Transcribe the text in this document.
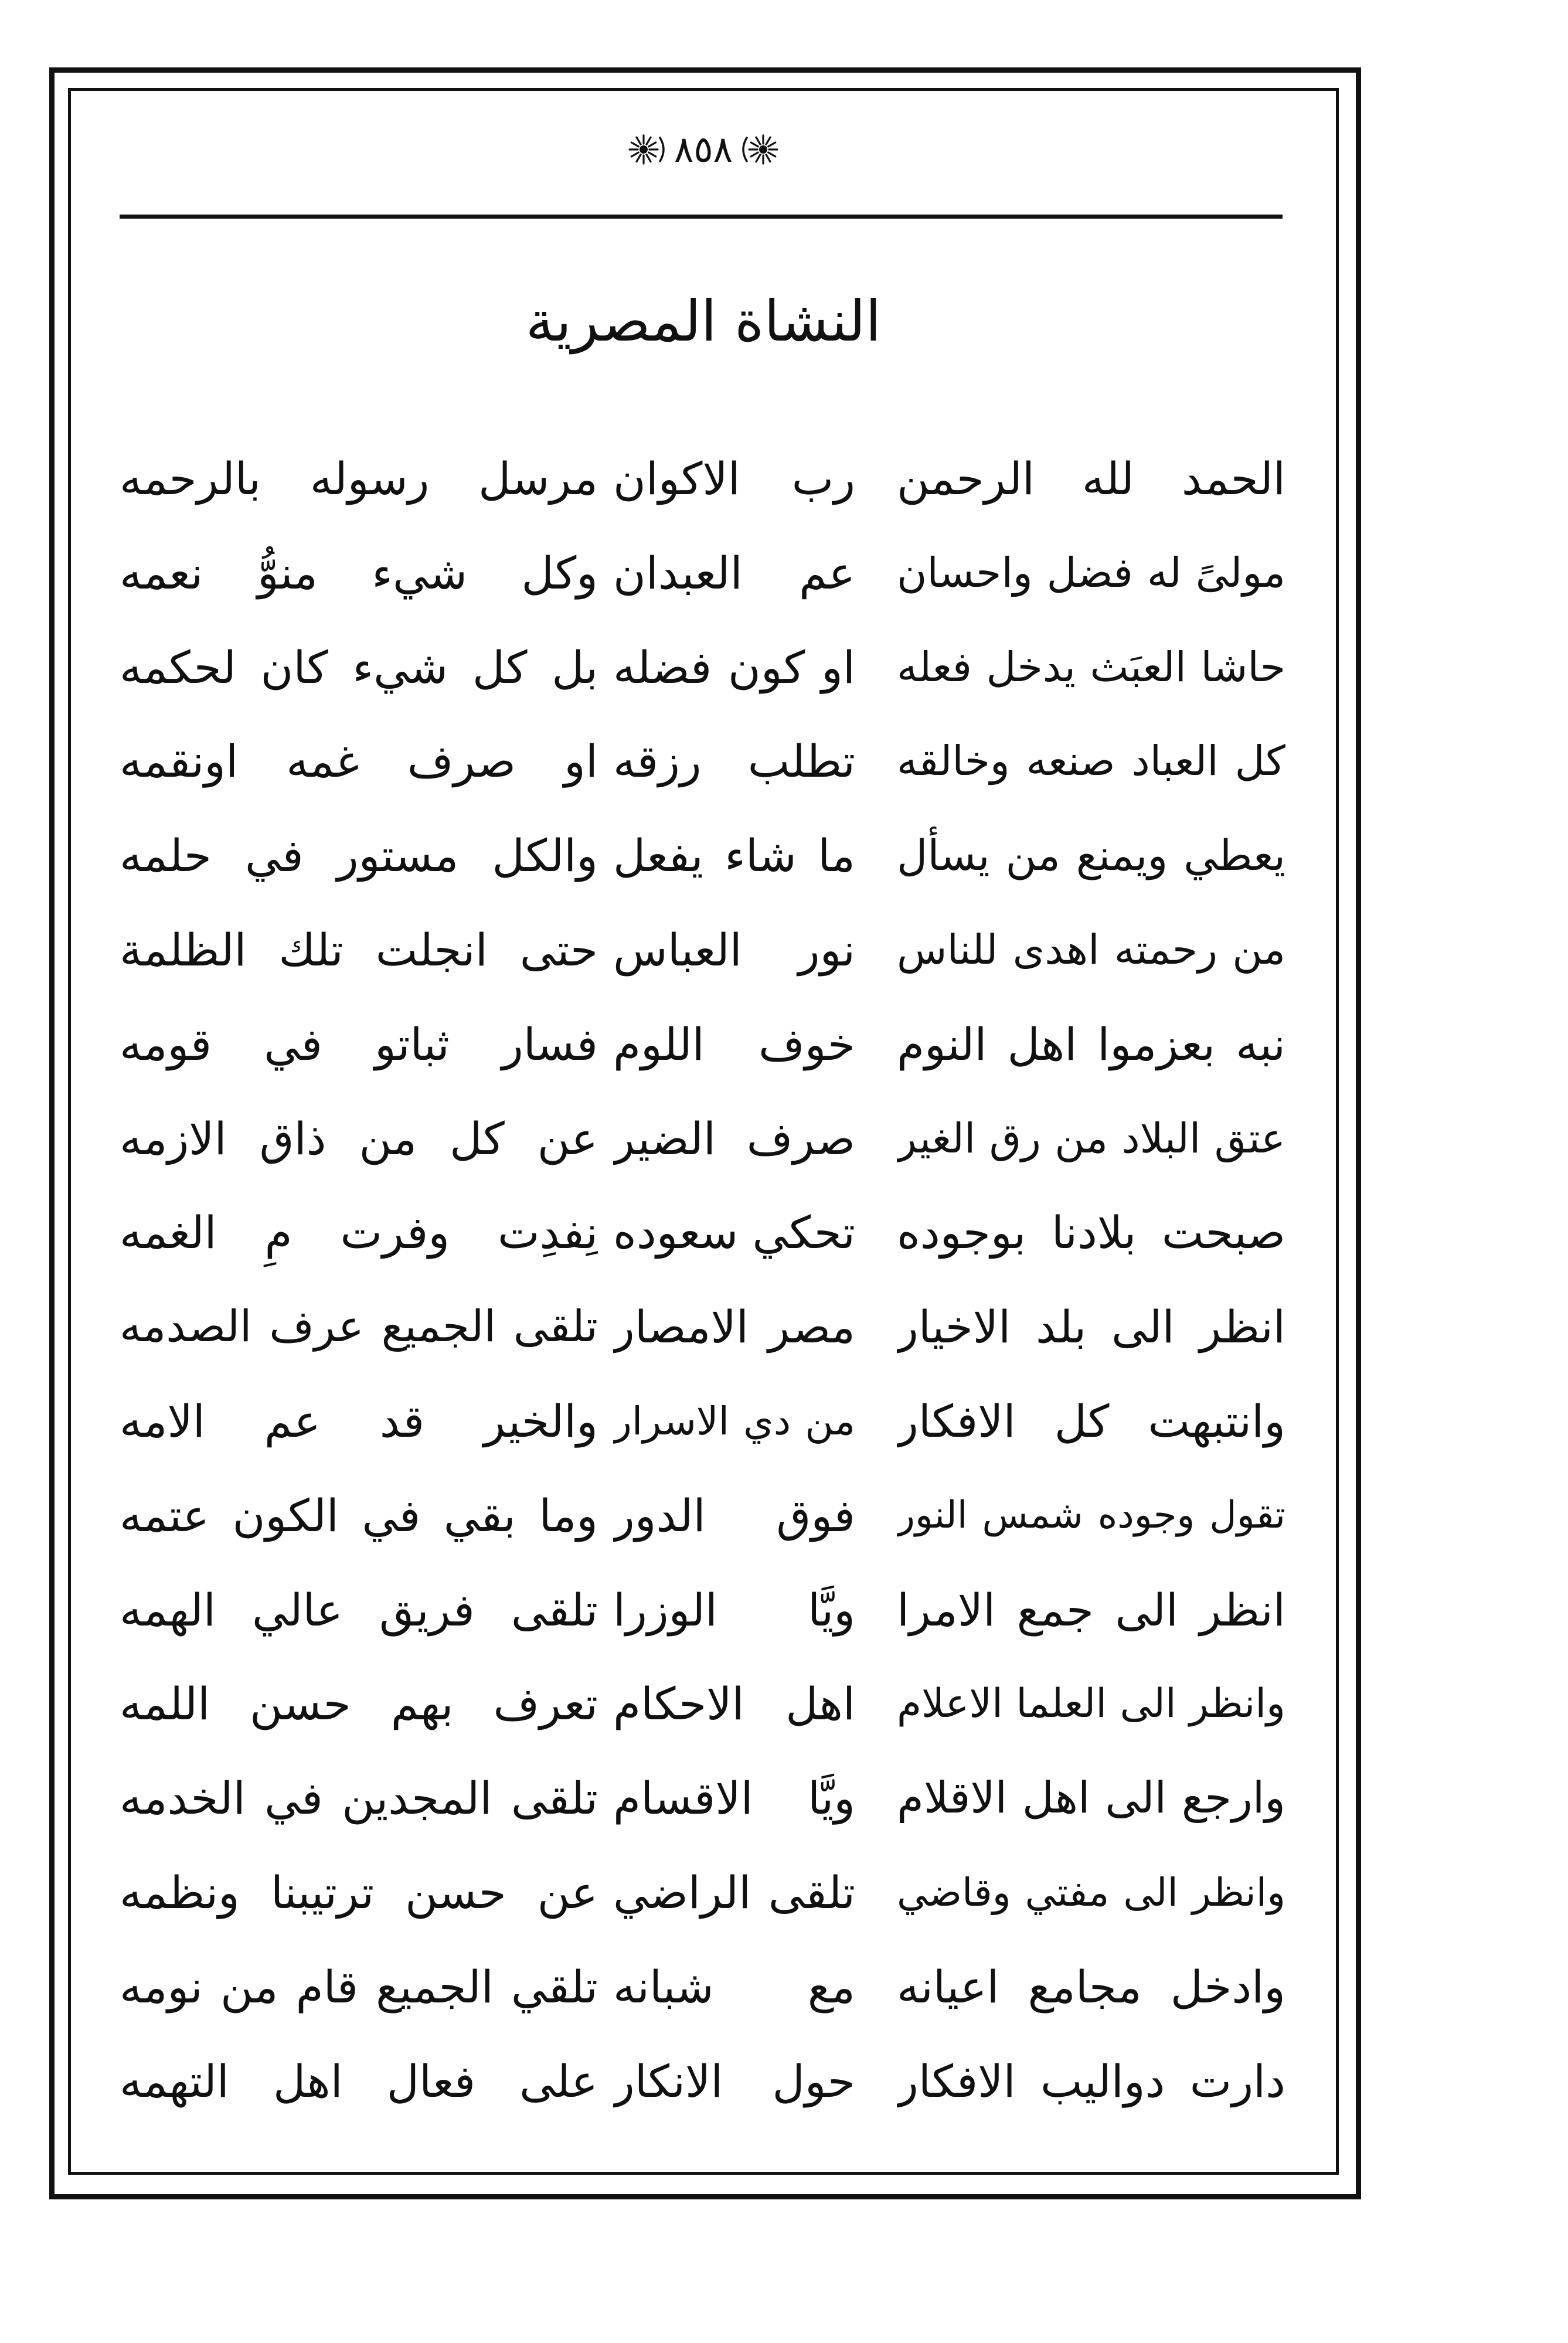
٨٥٨
النشاة المصرية
الحمد لله الرحمن
رب الاكوان
مرسل رسوله بالرحمه
مولىً له فضل واحسان
عم العبدان
وكل شيء منوُّ نعمه
حاشا العبَث يدخل فعله
او كون فضله
بل كل شيء كان لحكمه
كل العباد صنعه وخالقه
تطلب رزقه
او صرف غمه اونقمه
يعطي ويمنع من يسأل
ما شاء يفعل
والكل مستور في حلمه
من رحمته اهدى للناس
نور العباس
حتى انجلت تلك الظلمة
نبه بعزموا اهل النوم
خوف اللوم
فسار ثباتو في قومه
عتق البلاد من رق الغير
صرف الضير
عن كل من ذاق الازمه
صبحت بلادنا بوجوده
تحكي سعوده
نِفدِت وفرت مِ الغمه
انظر الى بلد الاخيار
مصر الامصار
تلقى الجميع عرف الصدمه
وانتبهت كل الافكار
من دي الاسرار
والخير قد عم الامه
تقول وجوده شمس النور
فوق الدور
وما بقي في الكون عتمه
انظر الى جمع الامرا
ويَّا الوزرا
تلقى فريق عالي الهمه
وانظر الى العلما الاعلام
اهل الاحكام
تعرف بهم حسن اللمه
وارجع الى اهل الاقلام
ويَّا الاقسام
تلقى المجدين في الخدمه
وانظر الى مفتي وقاضي
تلقى الراضي
عن حسن ترتيبنا ونظمه
وادخل مجامع اعيانه
مع شبانه
تلقي الجميع قام من نومه
دارت دواليب الافكار
حول الانكار
على فعال اهل التهمه
